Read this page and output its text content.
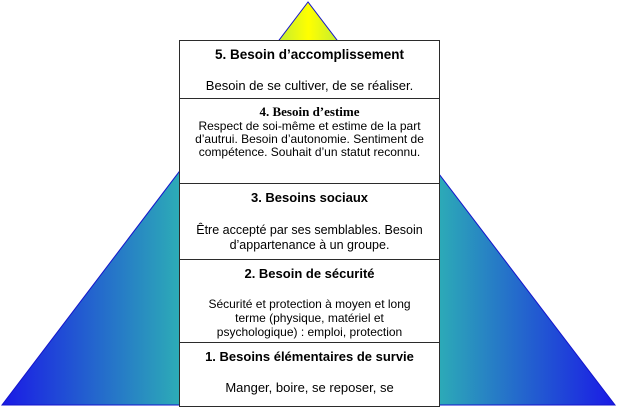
5. Besoin d’accomplissement
Besoin de se cultiver, de se réaliser.
4. Besoin d’estime
Respect de soi-même et estime de la part d’autrui. Besoin d’autonomie. Sentiment de compétence. Souhait d’un statut reconnu.
3. Besoins sociaux
Être accepté par ses semblables. Besoin d’appartenance à un groupe.
2. Besoin de sécurité
Sécurité et protection à moyen et long terme (physique, matériel et psychologique) : emploi, protection
1. Besoins élémentaires de survie
Manger, boire, se reposer, se
